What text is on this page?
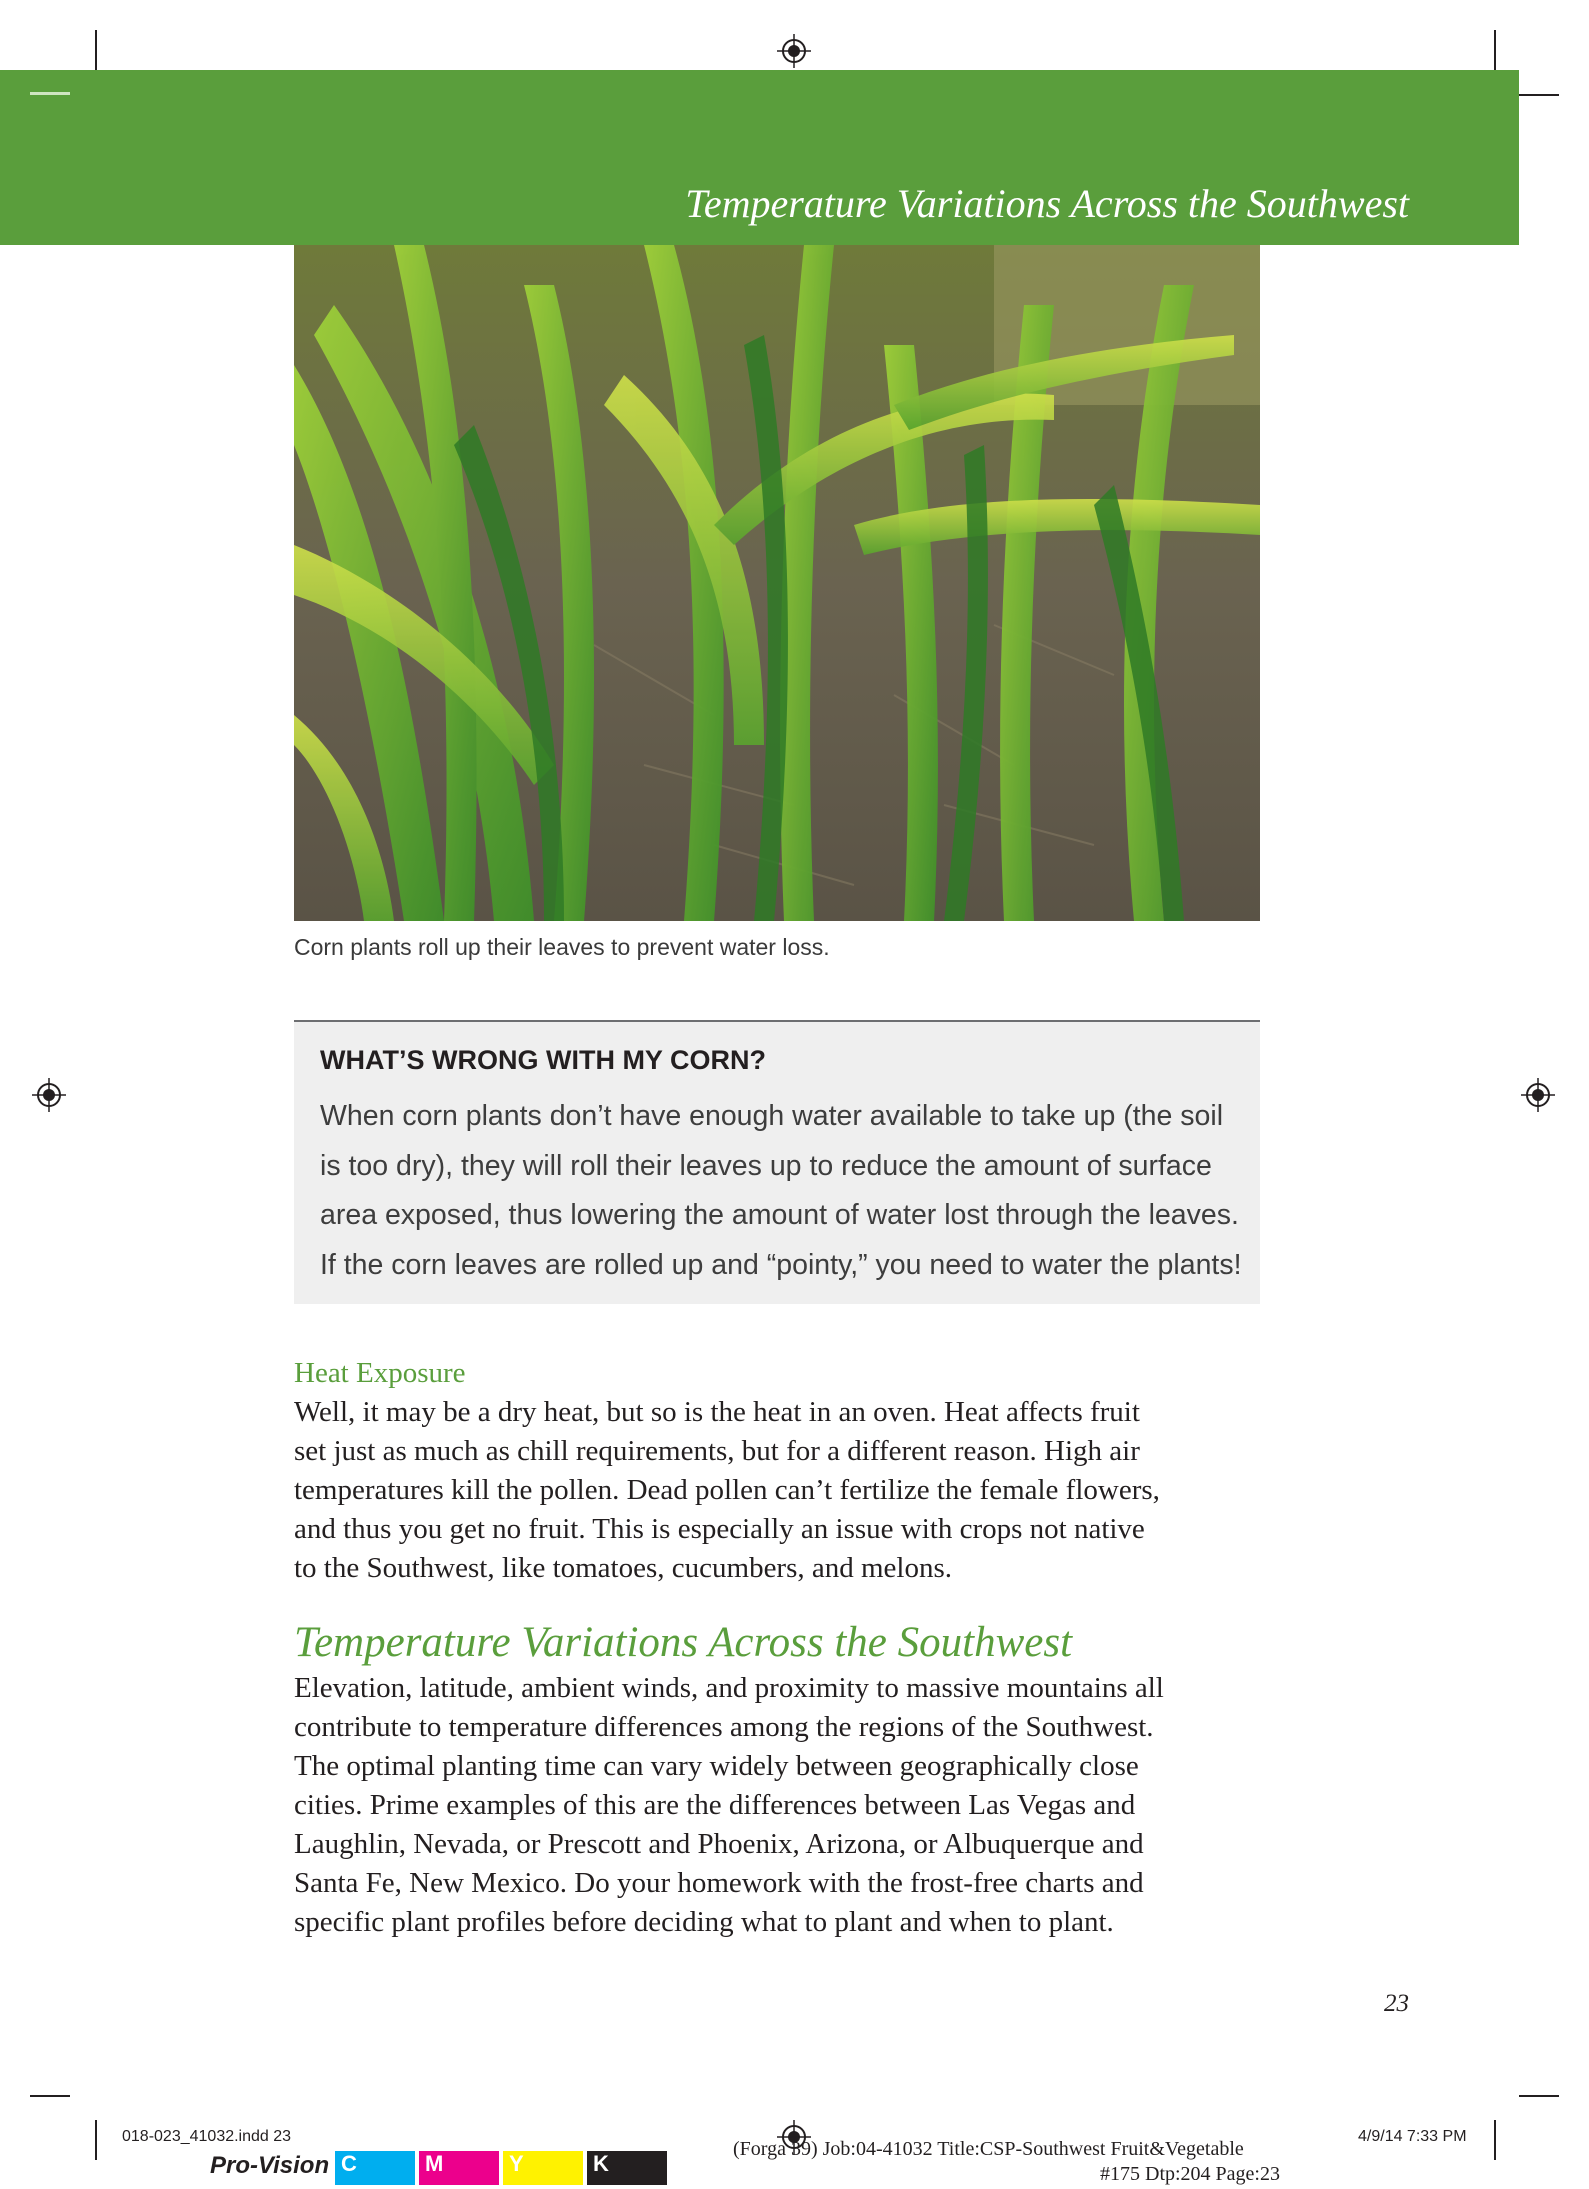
Temperature Variations Across the Southwest
Corn plants roll up their leaves to prevent water loss.
WHAT’S WRONG WITH MY CORN?

When corn plants don’t have enough water available to take up (the soil

is too dry), they will roll their leaves up to reduce the amount of surface

area exposed, thus lowering the amount of water lost through the leaves.

If the corn leaves are rolled up and “pointy,” you need to water the plants!

Heat Exposure

Well, it may be a dry heat, but so is the heat in an oven. Heat affects fruit

set just as much as chill requirements, but for a different reason. High air

temperatures kill the pollen. Dead pollen can’t fertilize the female flowers,

and thus you get no fruit. This is especially an issue with crops not native

to the Southwest, like tomatoes, cucumbers, and melons.

Temperature Variations Across the Southwest

Elevation, latitude, ambient winds, and proximity to massive mountains all

contribute to temperature differences among the regions of the Southwest.

The optimal planting time can vary widely between geographically close

cities. Prime examples of this are the differences between Las Vegas and

Laughlin, Nevada, or Prescott and Phoenix, Arizona, or Albuquerque and

Santa Fe, New Mexico. Do your homework with the frost-free charts and

specific plant profiles before deciding what to plant and when to plant.

23
018-023_41032.indd 23	4/9/14 7:33 PM
Pro-Vision C	M	Y	K
(Forga 39) Job:04-41032 Title:CSP-Southwest Fruit&Vegetable
#175 Dtp:204 Page:23
